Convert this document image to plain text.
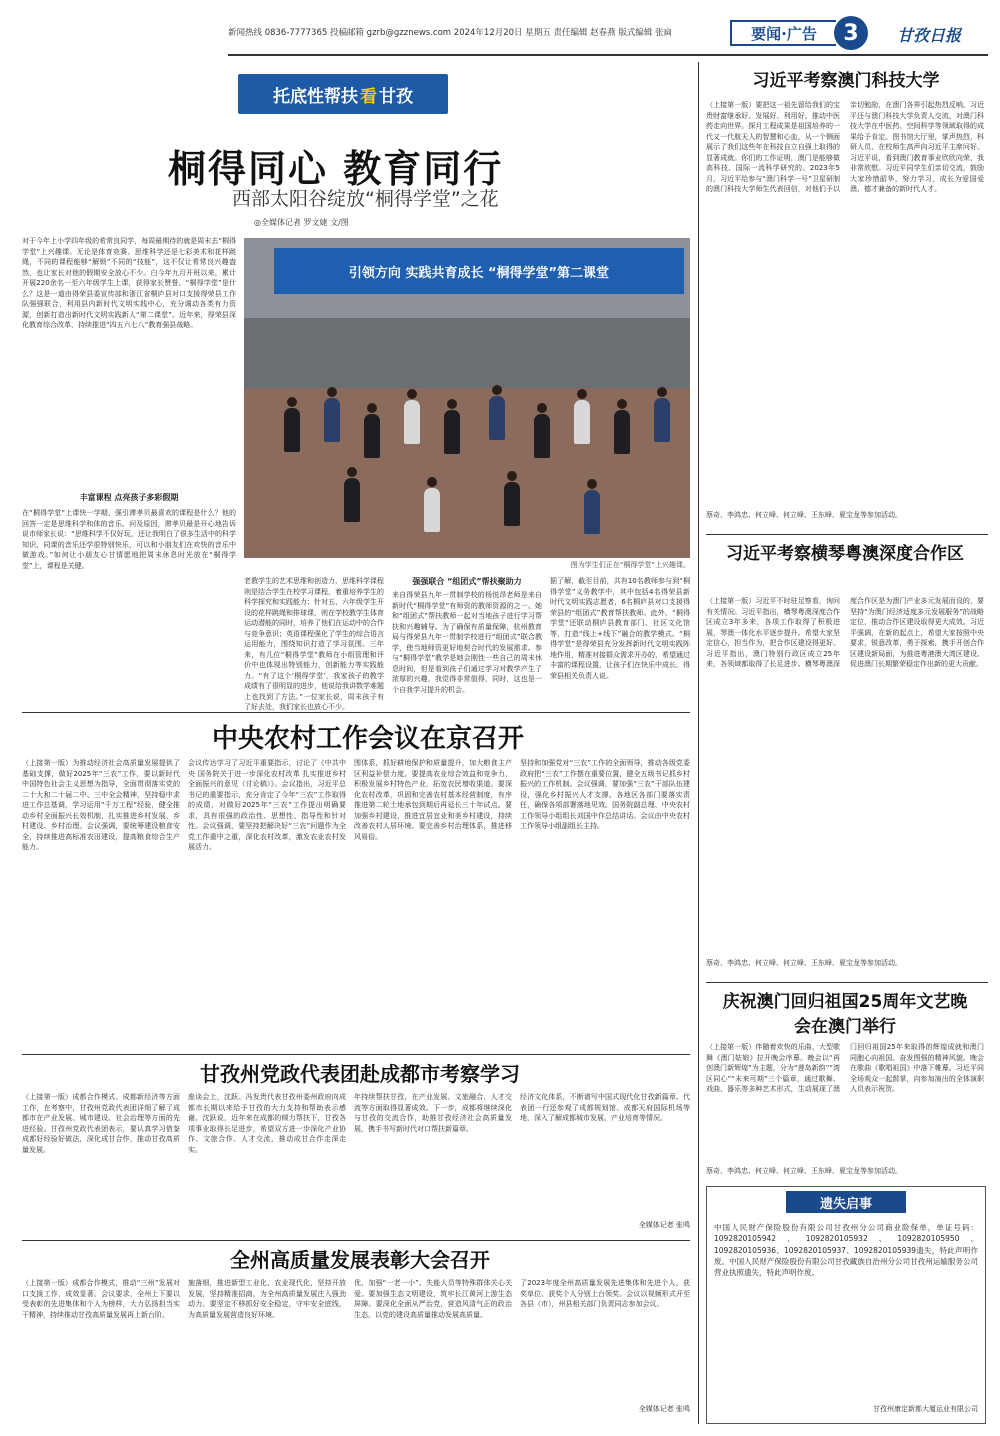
新闻热线 0836-7777365 投稿邮箱 gzrb@gzznews.com 2024年12月20日 星期五 责任编辑 赵春燕 版式编辑 张扁	要闻·广告	3	甘孜日报
托底性帮扶 看 甘孜
桐得同心 教育同行
西部太阳谷绽放“桐得学堂”之花
◎全媒体记者 罗文婕 文/图
对于今年上小学四年级的希常良同学，每周最期待的就是周末去“桐得学堂”上兴趣课。无论是体育竞赛、思维科学还是七彩美术和花样跳绳，不同的课程能够“解锁”不同的“技能”，这不仅让希常良兴趣盎然，也让家长对他的假期安全放心不少。白今年九月开班以来，累计开展220余名一至六年级学生上课，获得家长赞誉。“桐得学堂”是什么？这是一道由得荣县委宣传部和浙江省桐庐县对口支援得荣县工作队强强联合，利用县内新时代文明实践中心，充分调动各类有力资源，创新打造出新时代文明实践新人“第二课堂”。近年来，得荣县深化教育综合改革，持续推进“四五六七八”教育强县战略。
丰富课程 点亮孩子多彩假期
在“桐得学堂”上课快一学期，强引滞孝贝最喜欢的课程是什么？他的回答一定是思维科学和体的音乐。问及原因，滞孝贝最是开心地告诉说市师家长说：“思维科学不仅好玩，还让我明白了很多生活中的科学知识，同课的音乐还学很特别快乐，可以和小朋友们在欢快的音乐中做游戏。”如何让小朋友心甘情愿地把周末休息时光放在“桐得学堂”上，课程是关键。
引领方向 实践共育成长 “桐得学堂”第二课堂
图为学生们正在“桐得学堂”上兴趣课。
老教学生的艺术思维和创造力，思维科学课程则是结合学生在校学习课程，着重培养学生的科学探究和实践能力；针对五、六年级学生开设的花样跳绳和排球课，则在学校教学生体育运动潜能的同时，培养了他们在运动中的合作与竞争意识；英语课程强化了学生的综合语言运用能力，围绕知识打造了学习氛围。三年来，有几位“桐得学堂”教师在小组管理和评价中也体现出特别能力，创新能力等实践能力。“有了这个‘桐得学堂’，我家孩子的教学成绩有了很明显的进步，他说给我讲数学难题上也找到了方法。”一位家长说，周末孩子有了好去处，我们家长也放心不少。
强强联合 “组团式”帮扶聚助力
来自得荣县九年一贯制学校的杨悦昂老师是来自新时代“桐得学堂”有师资的教师资源的之一。她和“组团式”帮扶教师一起对当地孩子进行学习帮扶和兴趣辅导。为了确保有质量保障，杭州教育局与得荣县九年一贯制学校进行“组团式”联合教学，使当地师资更好地契合时代的发展需求。参与“桐得学堂”教学是她会刚性一些自己的周末休息时间，但是看到孩子们通过学习对教学产生了浓厚的兴趣，我觉得非常值得，同时，这也是一个自我学习提升的机会。
据了解，截至目前，共有10名教师参与到“桐得学堂”义务教学中，其中包括4名得荣县新时代文明实践志愿者，6名桐庐县对口支援得荣县的“组团式”教育帮扶教师。此外，“桐得学堂”还联动桐庐县教育部门、社区文化馆等，打造“线上+线下”融合的教学模式。“桐得学堂”是得荣县充分发挥新时代文明实践阵地作用，精准对接群众需求开办的，希望通过丰富的课程设置，让孩子们在快乐中成长。得荣县相关负责人说。
中央农村工作会议在京召开
（上接第一版）为推动经济社会高质量发展提供了基础支撑，做好2025年“三农”工作，要以新时代中国特色社会主义思想为指导，全面贯彻落实党的二十大和二十届二中、三中全会精神，坚持稳中求进工作总基调，学习运用“千万工程”经验，健全推动乡村全面振兴长效机制，扎实推进乡村发展、乡村建设、乡村治理。会议强调，要统筹建设粮食安全，持续推进高标准农田建设，提高粮食综合生产能力。
会议传达学习了习近平重要指示，讨论了《中共中央 国务院关于进一步深化农村改革 扎实推进乡村全面振兴的意见（讨论稿）》。会议指出，习近平总书记的重要指示，充分肯定了今年“三农”工作取得的成绩，对做好2025年“三农”工作提出明确要求，具有很强的政治性、思想性、指导性和针对性。会议强调，要坚持把解决好“三农”问题作为全党工作重中之重，深化农村改革，激发农业农村发展活力。
围体系，抓好耕地保护和质量提升，加大粮食主产区利益补偿力度。要提高农业综合效益和竞争力，积极发展乡村特色产业，拓宽农民增收渠道。要深化农村改革，巩固和完善农村基本经营制度，有序推进第二轮土地承包到期后再延长三十年试点。要加强乡村建设，推进宜居宜业和美乡村建设，持续改善农村人居环境。要完善乡村治理体系，推进移风易俗。
坚持和加强党对“三农”工作的全面领导，推动各级党委政府把“三农”工作摆在重要位置，健全五级书记抓乡村振兴的工作机制。会议强调，要加强“三农”干部队伍建设，强化乡村振兴人才支撑。各地区各部门要落实责任，确保各项部署落地见效。国务院副总理、中央农村工作领导小组组长刘国中作总结讲话。会议由中央农村工作领导小组副组长主持。
甘孜州党政代表团赴成都市考察学习
（上接第一版）成都合作模式、成都新经济等方面工作，在考察中，甘孜州党政代表团详细了解了成都市在产业发展、城市建设、社会治理等方面的先进经验。甘孜州党政代表团表示，要认真学习借鉴成都好经验好做法，深化成甘合作，推动甘孜高质量发展。
座谈会上，沈跃、冯发贵代表甘孜州委州政府向成都市长期以来给予甘孜的大力支持和帮助表示感谢。沈跃说，近年来在成都的倾力帮扶下，甘孜各项事业取得长足进步，希望双方进一步深化产业协作、文旅合作、人才交流，推动成甘合作走深走实。
年持续帮扶甘孜，在产业发展、文旅融合、人才交流等方面取得显著成效。下一步，成都将继续深化与甘孜的交流合作，助推甘孜经济社会高质量发展，携手书写新时代对口帮扶新篇章。
经济文化体系，不断谱写中国式现代化甘孜新篇章。代表团一行还参观了成都规划馆、成都天府国际机场等地，深入了解成都城市发展、产业培育等情况。
全媒体记者 张鸣
全州高质量发展表彰大会召开
（上接第一版）成都合作模式，推动“三州”发展对口支援工作，成效显著。会议要求，全州上下要以受表彰的先进集体和个人为榜样，大力弘扬担当实干精神，持续推动甘孜高质量发展再上新台阶。
施落细，推进新型工业化、农业现代化，坚持开放发展，坚持精准招商，为全州高质量发展注入强劲动力。要坚定不移抓好安全稳定，守牢安全底线，为高质量发展营造良好环境。
优，加强“一老一小”、失能人员等特殊群体关心关爱。要加强生态文明建设，筑牢长江黄河上游生态屏障。要深化全面从严治党，营造风清气正的政治生态，以党的建设高质量推动发展高质量。
了2023年度全州高质量发展先进集体和先进个人，获奖单位、获奖个人分别上台领奖。会议以视频形式开至各县（市），州县相关部门负责同志参加会议。
全媒体记者 张鸣
习近平考察澳门科技大学
（上接第一版）要把这一祖先留给我们的宝贵财富继承好、发展好、利用好，推动中医药走向世界。探月工程成果是祖国培养的一代又一代航天人的智慧和心血，从一个侧面展示了我们这些年在科技自立自强上取得的显著成就。你们的工作证明，澳门是能够做高科技、国际一流科学研究的。2023年5月，习近平给参与“澳门科学一号”卫星研制的澳门科技大学师生代表回信，对他们予以亲切勉励，在澳门各界引起热烈反响。习近平还与澳门科技大学负责人交流，对澳门科技大学在中医药、空间科学等领域取得的成果给予肯定。图书馆大厅里，掌声热烈，科研人员、在校师生高声向习近平主席问好。习近平说，看到澳门教育事业欣欣向荣，我非常欣慰。习近平同学生们亲切交流，鼓励大家珍惜韶华，努力学习，成长为爱国爱澳、德才兼备的新时代人才。
蔡奇、李鸿忠、何立峰、何立峰、王东峰、夏宝龙等参加活动。
习近平考察横琴粤澳深度合作区
（上接第一版）习近平不时驻足察看，询问有关情况。习近平指出，横琴粤澳深度合作区成立3年多来，各项工作取得了积极进展，琴澳一体化水平逐步提升。希望大家坚定信心，担当作为，把合作区建设得更好。习近平指出，澳门特别行政区成立25年来，各领域都取得了长足进步。横琴粤澳深度合作区是为澳门产业多元发展而设的，要坚持“为澳门经济适度多元发展服务”的战略定位，推动合作区建设取得更大成效。习近平强调，在新的起点上，希望大家按照中央要求，锐意改革，勇于探索，携手开创合作区建设新局面，为推进粤港澳大湾区建设、促进澳门长期繁荣稳定作出新的更大贡献。
蔡奇、李鸿忠、何立峰、何立峰、王东峰、夏宝龙等参加活动。
庆祝澳门回归祖国25周年文艺晚会在澳门举行
（上接第一版）伴随着欢快的乐曲，大型歌舞《澳门姑娘》拉开晚会序幕。晚会以“再创澳门新辉煌”为主题，分为“莲岛新韵”“湾区同心”“未来可期”三个篇章，通过歌舞、戏曲、器乐等多种艺术形式，生动展现了澳门回归祖国25年来取得的辉煌成就和澳门同胞心向祖国、奋发图强的精神风貌。晚会在歌曲《歌唱祖国》中落下帷幕。习近平同全场观众一起鼓掌，向参加演出的全体演职人员表示祝贺。
蔡奇、李鸿忠、何立峰、何立峰、王东峰、夏宝龙等参加活动。
遗失启事
中国人民财产保险股份有限公司甘孜州分公司商业险保单，单证号码：1092820105942、1092820105932、1092820105950、1092820105936、1092820105937、1092820105939遗失，特此声明作废。中国人民财产保险股份有限公司甘孜藏族自治州分公司甘孜州运输服务公司营业执照遗失，特此声明作废。
甘孜州康定新都大厦运业有限公司
